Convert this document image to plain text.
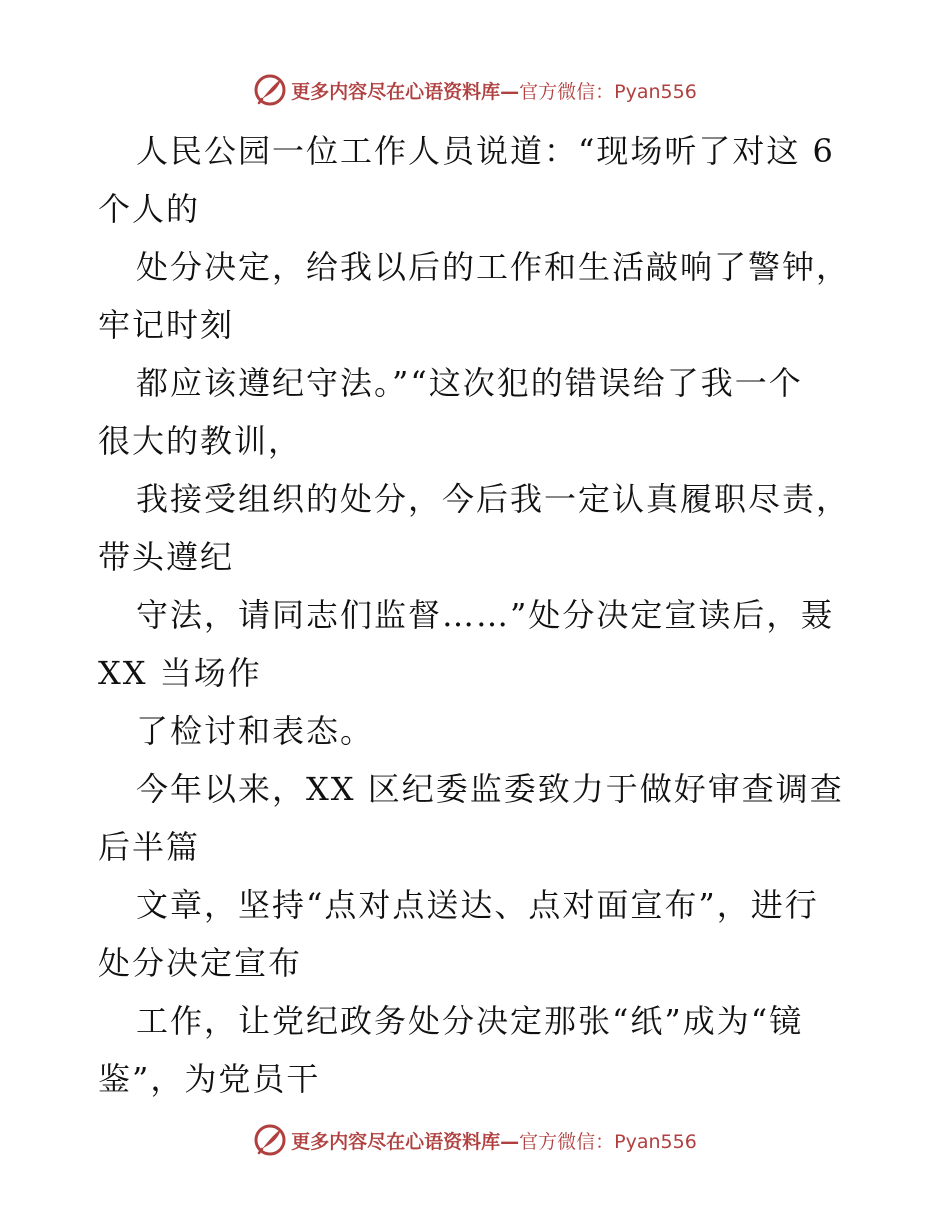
更多内容尽在心语资料库—官方微信：Pyan556
人民公园一位工作人员说道：“现场听了对这 6
个人的
处分决定，给我以后的工作和生活敲响了警钟，
牢记时刻
都应该遵纪守法。”“这次犯的错误给了我一个
很大的教训，
我接受组织的处分，今后我一定认真履职尽责，
带头遵纪
守法，请同志们监督……”处分决定宣读后，聂
XX 当场作
了检讨和表态。
今年以来，XX 区纪委监委致力于做好审查调查
后半篇
文章，坚持“点对点送达、点对面宣布”，进行
处分决定宣布
工作，让党纪政务处分决定那张“纸”成为“镜
鉴”，为党员干
更多内容尽在心语资料库—官方微信：Pyan556
